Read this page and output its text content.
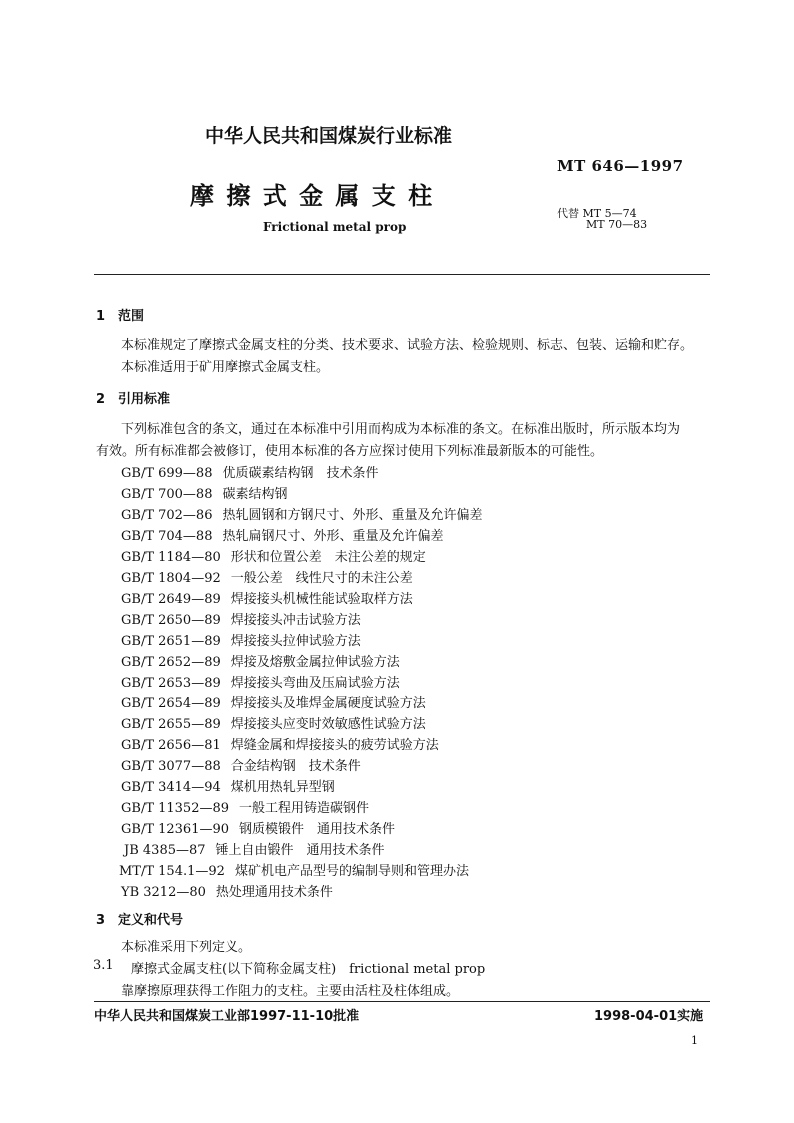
中华人民共和国煤炭行业标准
MT 646—1997
摩 擦 式 金 属 支 柱
Frictional metal prop
代替 MT 5—74
MT 70—83
1　范围
本标准规定了摩擦式金属支柱的分类、技术要求、试验方法、检验规则、标志、包装、运输和贮存。
本标准适用于矿用摩擦式金属支柱。
2　引用标准
下列标准包含的条文，通过在本标准中引用而构成为本标准的条文。在标准出版时，所示版本均为
有效。所有标准都会被修订，使用本标准的各方应探讨使用下列标准最新版本的可能性。
GB/T 699—88 优质碳素结构钢　技术条件
GB/T 700—88 碳素结构钢
GB/T 702—86 热轧圆钢和方钢尺寸、外形、重量及允许偏差
GB/T 704—88 热轧扁钢尺寸、外形、重量及允许偏差
GB/T 1184—80 形状和位置公差　未注公差的规定
GB/T 1804—92 一般公差　线性尺寸的未注公差
GB/T 2649—89 焊接接头机械性能试验取样方法
GB/T 2650—89 焊接接头冲击试验方法
GB/T 2651—89 焊接接头拉伸试验方法
GB/T 2652—89 焊接及熔敷金属拉伸试验方法
GB/T 2653—89 焊接接头弯曲及压扁试验方法
GB/T 2654—89 焊接接头及堆焊金属硬度试验方法
GB/T 2655—89 焊接接头应变时效敏感性试验方法
GB/T 2656—81 焊缝金属和焊接接头的疲劳试验方法
GB/T 3077—88 合金结构钢　技术条件
GB/T 3414—94 煤机用热轧异型钢
GB/T 11352—89 一般工程用铸造碳钢件
GB/T 12361—90 钢质模锻件　通用技术条件
JB 4385—87 锤上自由锻件　通用技术条件
MT/T 154.1—92 煤矿机电产品型号的编制导则和管理办法
YB 3212—80 热处理通用技术条件
3　定义和代号
本标准采用下列定义。
3.1 摩擦式金属支柱(以下简称金属支柱)　frictional metal prop
靠摩擦原理获得工作阻力的支柱。主要由活柱及柱体组成。
中华人民共和国煤炭工业部1997-11-10批准	1998-04-01实施
1
